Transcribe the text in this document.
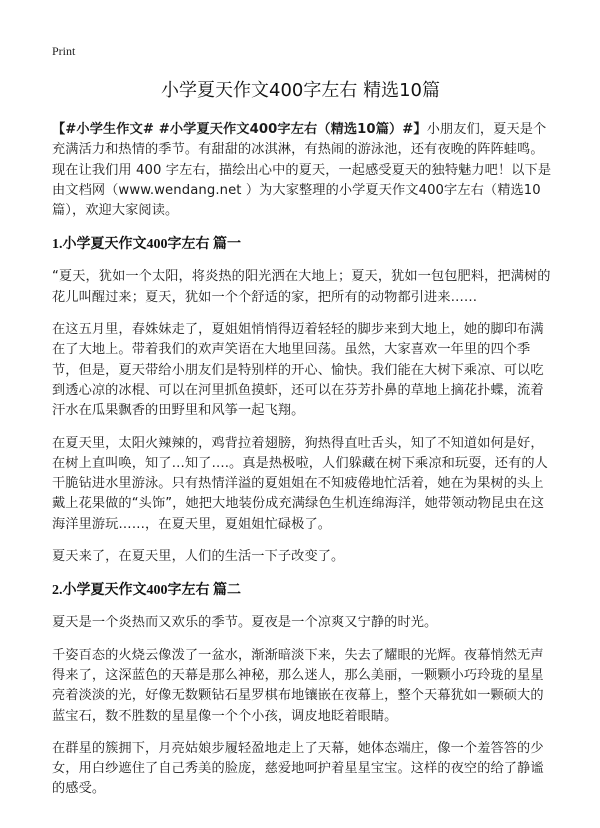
Print
小学夏天作文400字左右 精选10篇

【#小学生作文# #小学夏天作文400字左右（精选10篇）#】小朋友们，夏天是个充满活力和热情的季节。有甜甜的冰淇淋，有热闹的游泳池，还有夜晚的阵阵蛙鸣。现在让我们用 400 字左右，描绘出心中的夏天，一起感受夏天的独特魅力吧！以下是由文档网（www.wendang.net ）为大家整理的小学夏天作文400字左右（精选10篇），欢迎大家阅读。

1.小学夏天作文400字左右 篇一

“夏天，犹如一个太阳，将炎热的阳光洒在大地上；夏天，犹如一包包肥料，把满树的花儿叫醒过来；夏天，犹如一个个舒适的家，把所有的动物都引进来……

在这五月里，春姝妹走了，夏姐姐悄悄得迈着轻轻的脚步来到大地上，她的脚印布满在了大地上。带着我们的欢声笑语在大地里回荡。虽然，大家喜欢一年里的四个季节，但是，夏天带给小朋友们是特别样的开心、愉快。我们能在大树下乘凉、可以吃到透心凉的冰棍、可以在河里抓鱼摸虾，还可以在芬芳扑鼻的草地上摘花扑蝶，流着汗水在瓜果飘香的田野里和风筝一起飞翔。

在夏天里，太阳火辣辣的，鸡背拉着翅膀，狗热得直吐舌头，知了不知道如何是好，在树上直叫唤，知了…知了….。真是热极啦，人们躲藏在树下乘凉和玩耍，还有的人干脆钻进水里游泳。只有热情洋溢的夏姐姐在不知疲倦地忙活着，她在为果树的头上戴上花果做的“头饰”，她把大地装份成充满绿色生机连绵海洋，她带领动物昆虫在这海洋里游玩……，在夏天里，夏姐姐忙碌极了。

夏天来了，在夏天里，人们的生活一下子改变了。

2.小学夏天作文400字左右 篇二

夏天是一个炎热而又欢乐的季节。夏夜是一个凉爽又宁静的时光。

千姿百态的火烧云像泼了一盆水，渐渐暗淡下来，失去了耀眼的光辉。夜幕悄然无声得来了，这深蓝色的天幕是那么神秘，那么迷人，那么美丽，一颗颗小巧玲珑的星星亮着淡淡的光，好像无数颗钻石星罗棋布地镶嵌在夜幕上，整个天幕犹如一颗硕大的蓝宝石，数不胜数的星星像一个个小孩，调皮地眨着眼睛。

在群星的簇拥下，月亮姑娘步履轻盈地走上了天幕，她体态端庄，像一个羞答答的少女，用白纱遮住了自己秀美的脸庞，慈爱地呵护着星星宝宝。这样的夜空的给了静谧的感受。
